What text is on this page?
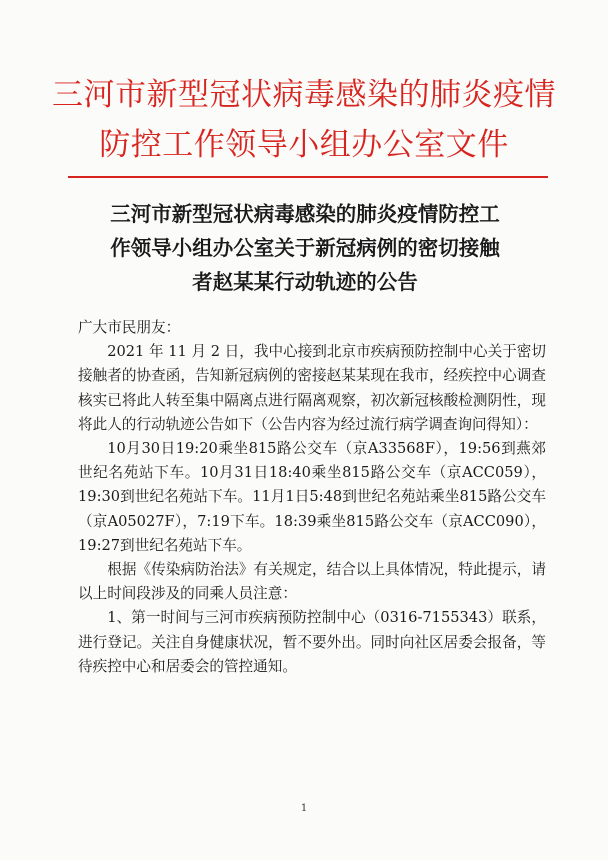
三河市新型冠状病毒感染的肺炎疫情
防控工作领导小组办公室文件
三河市新型冠状病毒感染的肺炎疫情防控工
作领导小组办公室关于新冠病例的密切接触
者赵某某行动轨迹的公告

广大市民朋友：

2021 年 11 月 2 日，我中心接到北京市疾病预防控制中心关于密切接触者的协查函，告知新冠病例的密接赵某某现在我市，经疾控中心调查核实已将此人转至集中隔离点进行隔离观察，初次新冠核酸检测阴性，现将此人的行动轨迹公告如下（公告内容为经过流行病学调查询问得知）：

10月30日19:20乘坐815路公交车（京A33568F），19:56到燕郊世纪名苑站下车。10月31日18:40乘坐815路公交车（京ACC059），19:30到世纪名苑站下车。11月1日5:48到世纪名苑站乘坐815路公交车（京A05027F），7:19下车。18:39乘坐815路公交车（京ACC090），19:27到世纪名苑站下车。

根据《传染病防治法》有关规定，结合以上具体情况，特此提示，请以上时间段涉及的同乘人员注意：

1、第一时间与三河市疾病预防控制中心（0316-7155343）联系，进行登记。关注自身健康状况，暂不要外出。同时向社区居委会报备，等待疾控中心和居委会的管控通知。

1
